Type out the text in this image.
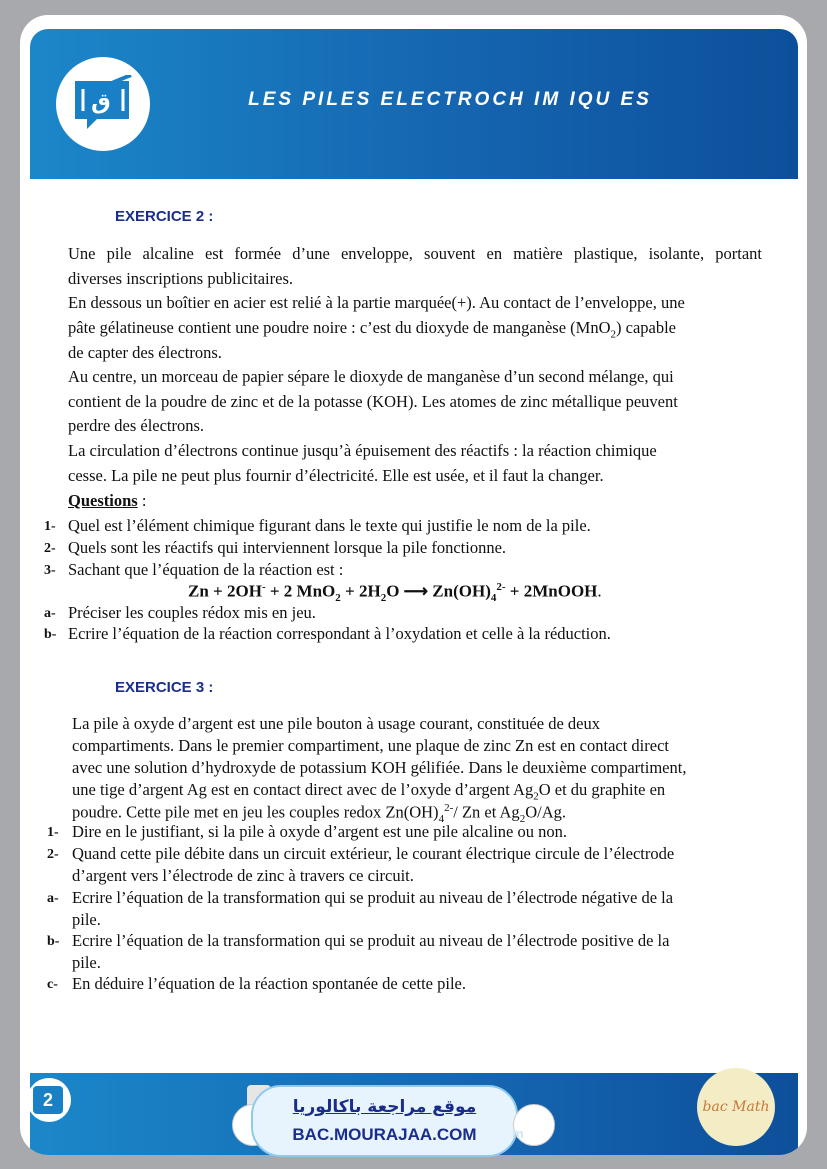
ق	LES PILES ELECTROCH IM IQU ES
EXERCICE 2 :
Une pile alcaline est formée d’une enveloppe, souvent en matière plastique, isolante, portant
diverses inscriptions publicitaires.
En dessous un boîtier en acier est relié à la partie marquée(+). Au contact de l’enveloppe, une
pâte gélatineuse contient une poudre noire : c’est du dioxyde de manganèse (MnO$_2$) capable
de capter des électrons.
Au centre, un morceau de papier sépare le dioxyde de manganèse d’un second mélange, qui
contient de la poudre de zinc et de la potasse (KOH). Les atomes de zinc métallique peuvent
perdre des électrons.
La circulation d’électrons continue jusqu’à épuisement des réactifs : la réaction chimique
cesse. La pile ne peut plus fournir d’électricité. Elle est usée, et il faut la changer.
Questions :
1- Quel est l’élément chimique figurant dans le texte qui justifie le nom de la pile.
2- Quels sont les réactifs qui interviennent lorsque la pile fonctionne.
3- Sachant que l’équation de la réaction est :
Zn + 2OH- + 2 $MnO_2 + 2H_2O$ ⟶ $Zn(OH)_4^{2-}$ + 2MnOOH.
a- Préciser les couples rédox mis en jeu.
b- Ecrire l’équation de la réaction correspondant à l’oxydation et celle à la réduction.
EXERCICE 3 :
La pile à oxyde d’argent est une pile bouton à usage courant, constituée de deux
compartiments. Dans le premier compartiment, une plaque de zinc Zn est en contact direct
avec une solution d’hydroxyde de potassium KOH gélifiée. Dans le deuxième compartiment,
une tige d’argent Ag est en contact direct avec de l’oxyde d’argent $Ag_2O$ et du graphite en
poudre. Cette pile met en jeu les couples redox $Zn(OH)_4^{2-}/$ Zn et $Ag_2O/Ag$.
1- Dire en le justifiant, si la pile à oxyde d’argent est une pile alcaline ou non.
2- Quand cette pile débite dans un circuit extérieur, le courant électrique circule de l’électrode
d’argent vers l’électrode de zinc à travers ce circuit.
a- Ecrire l’équation de la transformation qui se produit au niveau de l’électrode négative de la
pile.
b- Ecrire l’équation de la transformation qui se produit au niveau de l’électrode positive de la
pile.
c- En déduire l’équation de la réaction spontanée de cette pile.
2	موقع مراجعة باكالوريا
BAC.MOURAJAA.COM	m
bac Math
